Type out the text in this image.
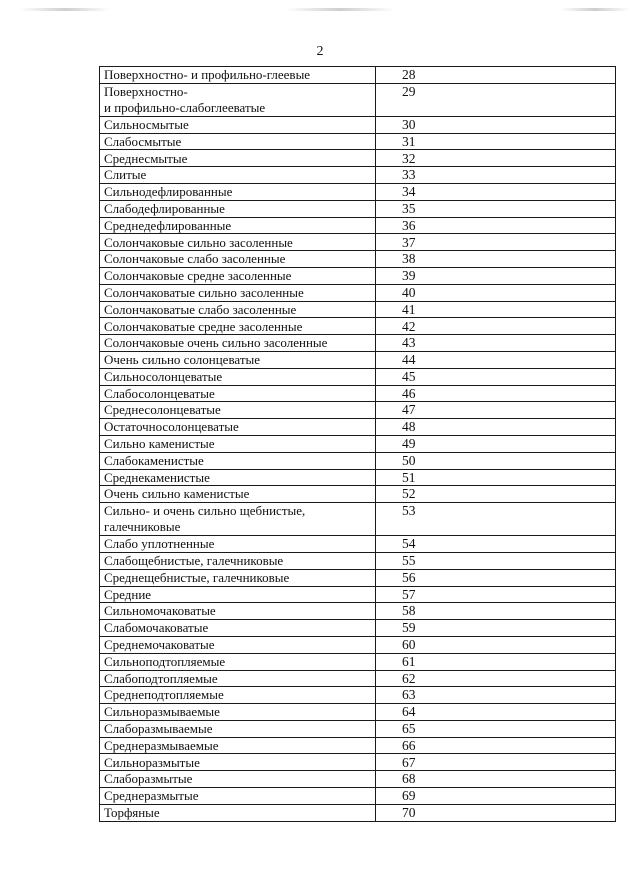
2
Поверхностно- и профильно-глеевые	28
Поверхностно-
и профильно-слабоглееватые	29
Сильносмытые	30
Слабосмытые	31
Среднесмытые	32
Слитые	33
Сильнодефлированные	34
Слабодефлированные	35
Среднедефлированные	36
Солончаковые сильно засоленные	37
Солончаковые слабо засоленные	38
Солончаковые средне засоленные	39
Солончаковатые сильно засоленные	40
Солончаковатые слабо засоленные	41
Солончаковатые средне засоленные	42
Солончаковые очень сильно засоленные	43
Очень сильно солонцеватые	44
Сильносолонцеватые	45
Слабосолонцеватые	46
Среднесолонцеватые	47
Остаточносолонцеватые	48
Сильно каменистые	49
Слабокаменистые	50
Среднекаменистые	51
Очень сильно каменистые	52
Сильно- и очень сильно щебнистые,
галечниковые	53
Слабо уплотненные	54
Слабощебнистые, галечниковые	55
Среднещебнистые, галечниковые	56
Средние	57
Сильномочаковатые	58
Слабомочаковатые	59
Среднемочаковатые	60
Сильноподтопляемые	61
Слабоподтопляемые	62
Среднеподтопляемые	63
Сильноразмываемые	64
Слаборазмываемые	65
Среднеразмываемые	66
Сильноразмытые	67
Слаборазмытые	68
Среднеразмытые	69
Торфяные	70
